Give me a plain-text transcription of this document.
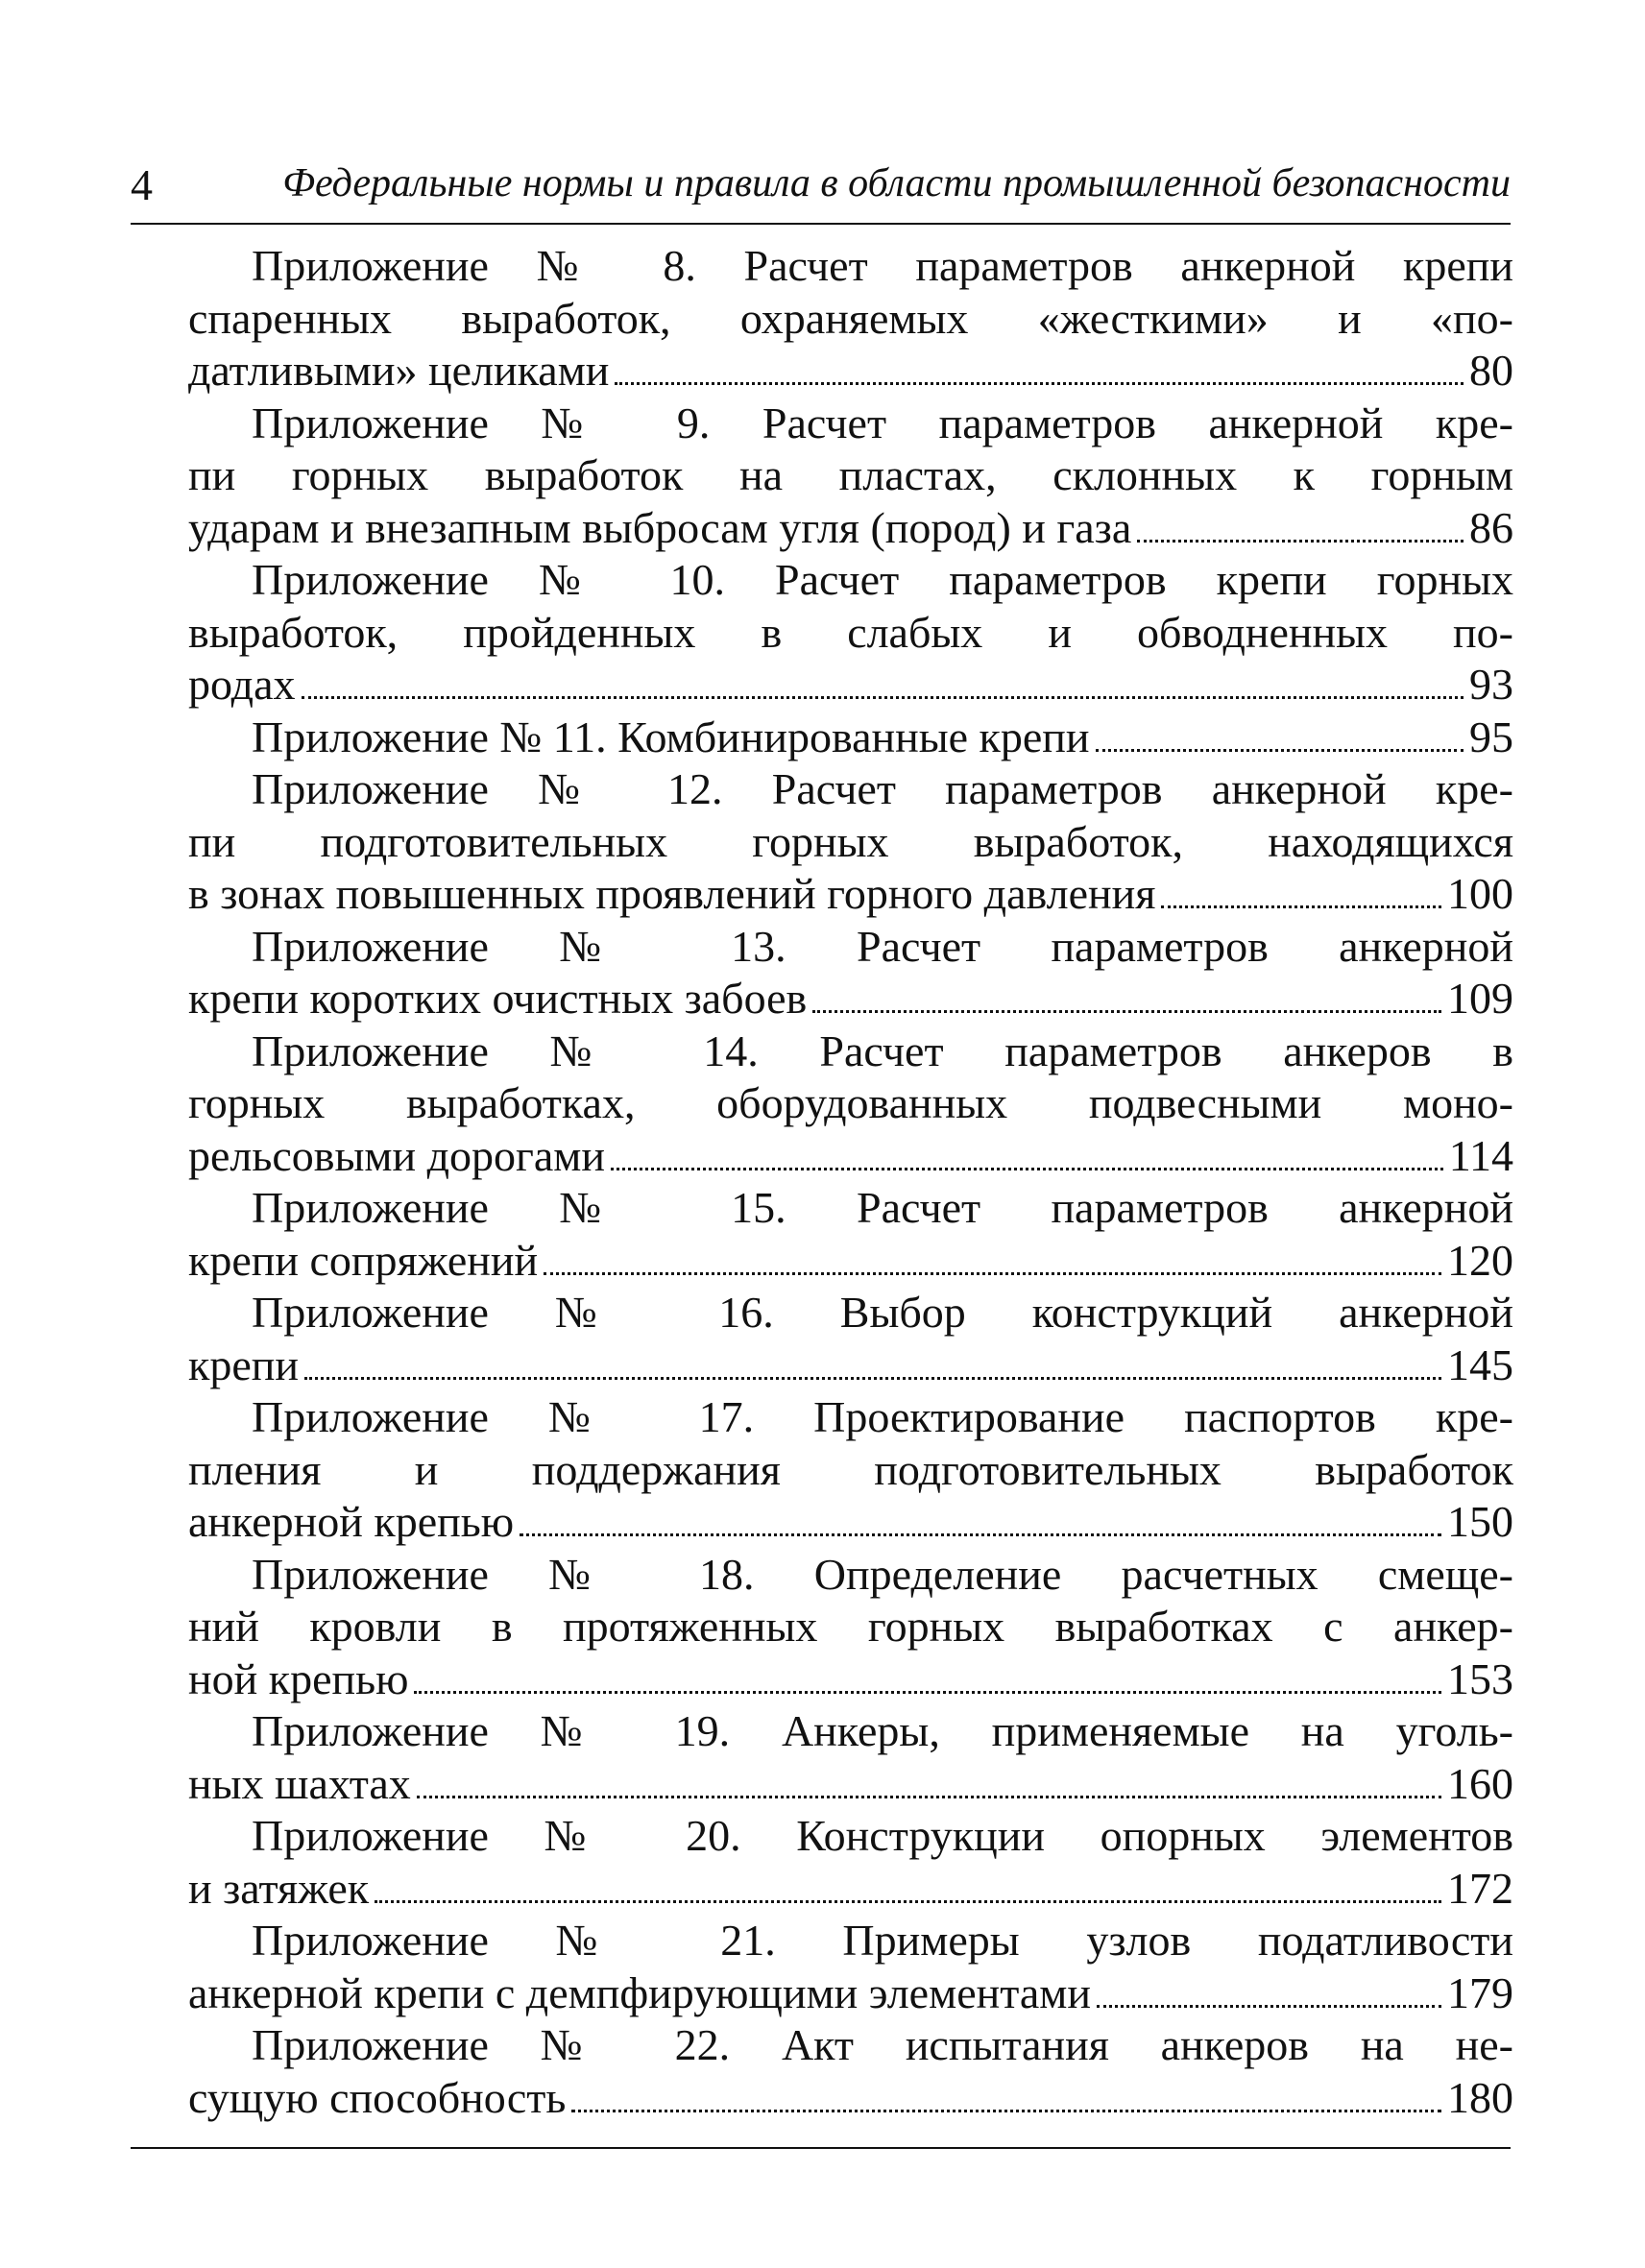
4	Федеральные нормы и правила в области промышленной безопасности
Приложение № 8. Расчет параметров анкерной крепи
спаренных выработок, охраняемых «жесткими» и «по-
датливыми» целиками	80
Приложение № 9. Расчет параметров анкерной кре-
пи горных выработок на пластах, склонных к горным
ударам и внезапным выбросам угля (пород) и газа	86
Приложение № 10. Расчет параметров крепи горных
выработок, пройденных в слабых и обводненных по-
родах	93
Приложение № 11. Комбинированные крепи	95
Приложение № 12. Расчет параметров анкерной кре-
пи подготовительных горных выработок, находящихся
в зонах повышенных проявлений горного давления	100
Приложение № 13. Расчет параметров анкерной
крепи коротких очистных забоев	109
Приложение № 14. Расчет параметров анкеров в
горных выработках, оборудованных подвесными моно-
рельсовыми дорогами	114
Приложение № 15. Расчет параметров анкерной
крепи сопряжений	120
Приложение № 16. Выбор конструкций анкерной
крепи	145
Приложение № 17. Проектирование паспортов кре-
пления и поддержания подготовительных выработок
анкерной крепью	150
Приложение № 18. Определение расчетных смеще-
ний кровли в протяженных горных выработках с анкер-
ной крепью	153
Приложение № 19. Анкеры, применяемые на уголь-
ных шахтах	160
Приложение № 20. Конструкции опорных элементов
и затяжек	172
Приложение № 21. Примеры узлов податливости
анкерной крепи с демпфирующими элементами	179
Приложение № 22. Акт испытания анкеров на не-
сущую способность	180
